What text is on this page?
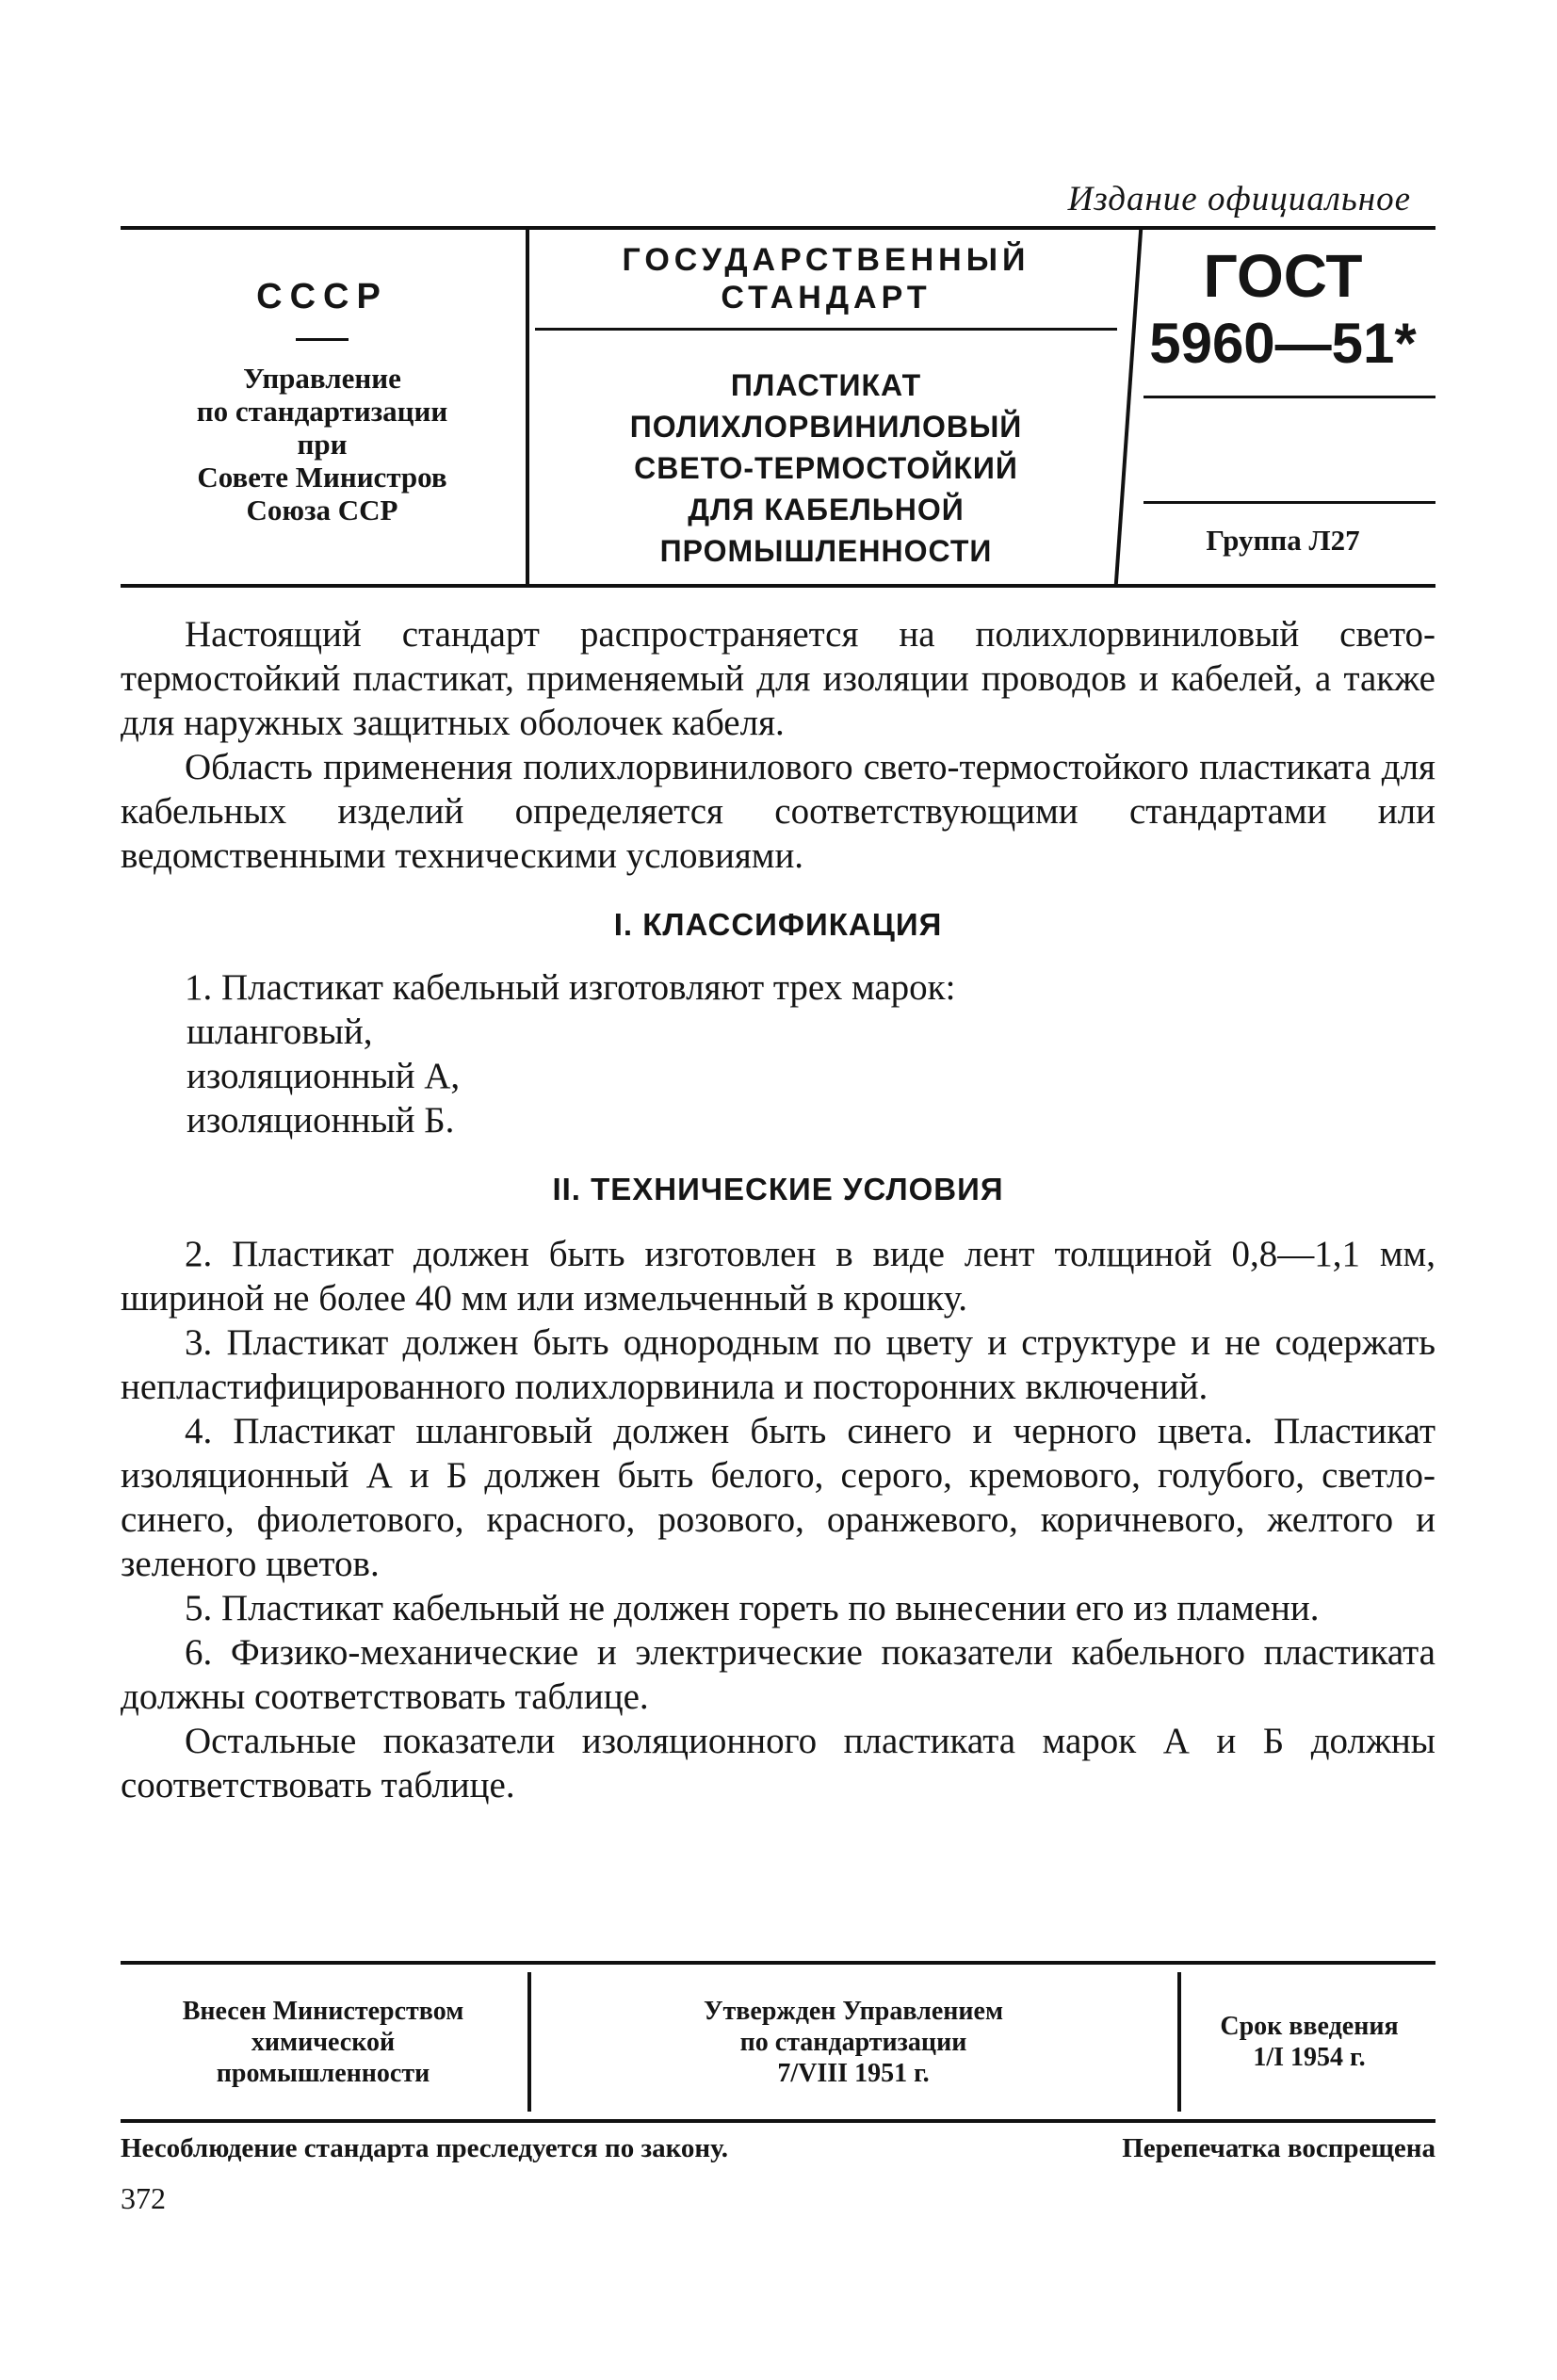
Издание официальное
СССР
Управление
по стандартизации
при
Совете Министров
Союза ССР
ГОСУДАРСТВЕННЫЙ
СТАНДАРТ
ПЛАСТИКАТ
ПОЛИХЛОРВИНИЛОВЫЙ
СВЕТО-ТЕРМОСТОЙКИЙ
ДЛЯ КАБЕЛЬНОЙ
ПРОМЫШЛЕННОСТИ
ГОСТ
5960—51*
Группа Л27

Настоящий стандарт распространяется на полихлорвиниловый свето-термостойкий пластикат, применяемый для изоляции проводов и кабелей, а также для наружных защитных оболочек кабеля.

Область применения полихлорвинилового свето-термостойкого пластиката для кабельных изделий определяется соответствующими стандартами или ведомственными техническими условиями.

I. КЛАССИФИКАЦИЯ

1. Пластикат кабельный изготовляют трех марок:

шланговый,

изоляционный А,

изоляционный Б.

II. ТЕХНИЧЕСКИЕ УСЛОВИЯ

2. Пластикат должен быть изготовлен в виде лент толщиной 0,8—1,1 мм, шириной не более 40 мм или измельченный в крошку.

3. Пластикат должен быть однородным по цвету и структуре и не содержать непластифицированного полихлорвинила и посторонних включений.

4. Пластикат шланговый должен быть синего и черного цвета. Пластикат изоляционный А и Б должен быть белого, серого, кремового, голубого, светло-синего, фиолетового, красного, розового, оранжевого, коричневого, желтого и зеленого цветов.

5. Пластикат кабельный не должен гореть по вынесении его из пламени.

6. Физико-механические и электрические показатели кабельного пластиката должны соответствовать таблице.

Остальные показатели изоляционного пластиката марок А и Б должны соответствовать таблице.

Внесен Министерством
химической
промышленности
Утвержден Управлением
по стандартизации
7/VIII 1951 г.
Срок введения
1/I 1954 г.
Несоблюдение стандарта преследуется по закону.	Перепечатка воспрещена
372
